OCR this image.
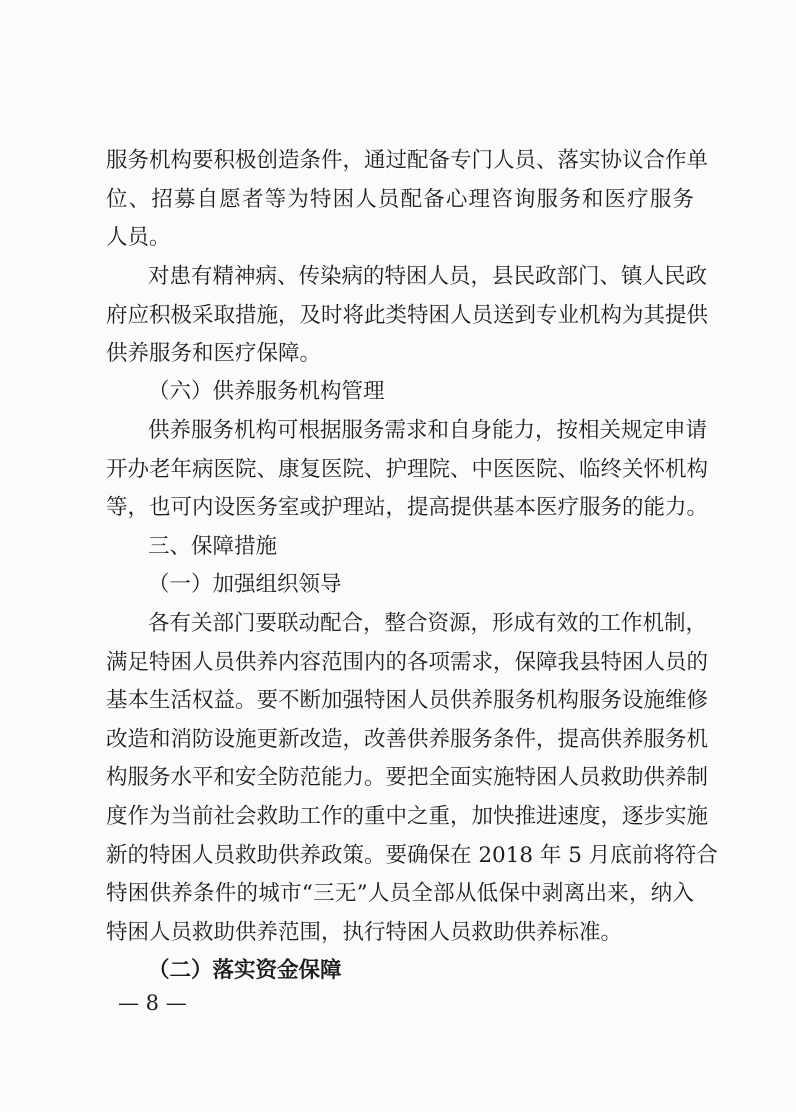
服务机构要积极创造条件，通过配备专门人员、落实协议合作单
位、招募自愿者等为特困人员配备心理咨询服务和医疗服务
人员。
对患有精神病、传染病的特困人员，县民政部门、镇人民政
府应积极采取措施，及时将此类特困人员送到专业机构为其提供
供养服务和医疗保障。
（六）供养服务机构管理
供养服务机构可根据服务需求和自身能力，按相关规定申请
开办老年病医院、康复医院、护理院、中医医院、临终关怀机构
等，也可内设医务室或护理站，提高提供基本医疗服务的能力。
三、保障措施
（一）加强组织领导
各有关部门要联动配合，整合资源，形成有效的工作机制，
满足特困人员供养内容范围内的各项需求，保障我县特困人员的
基本生活权益。要不断加强特困人员供养服务机构服务设施维修
改造和消防设施更新改造，改善供养服务条件，提高供养服务机
构服务水平和安全防范能力。要把全面实施特困人员救助供养制
度作为当前社会救助工作的重中之重，加快推进速度，逐步实施
新的特困人员救助供养政策。要确保在 2018 年 5 月底前将符合
特困供养条件的城市“三无”人员全部从低保中剥离出来，纳入
特困人员救助供养范围，执行特困人员救助供养标准。
（二）落实资金保障
— 8 —
